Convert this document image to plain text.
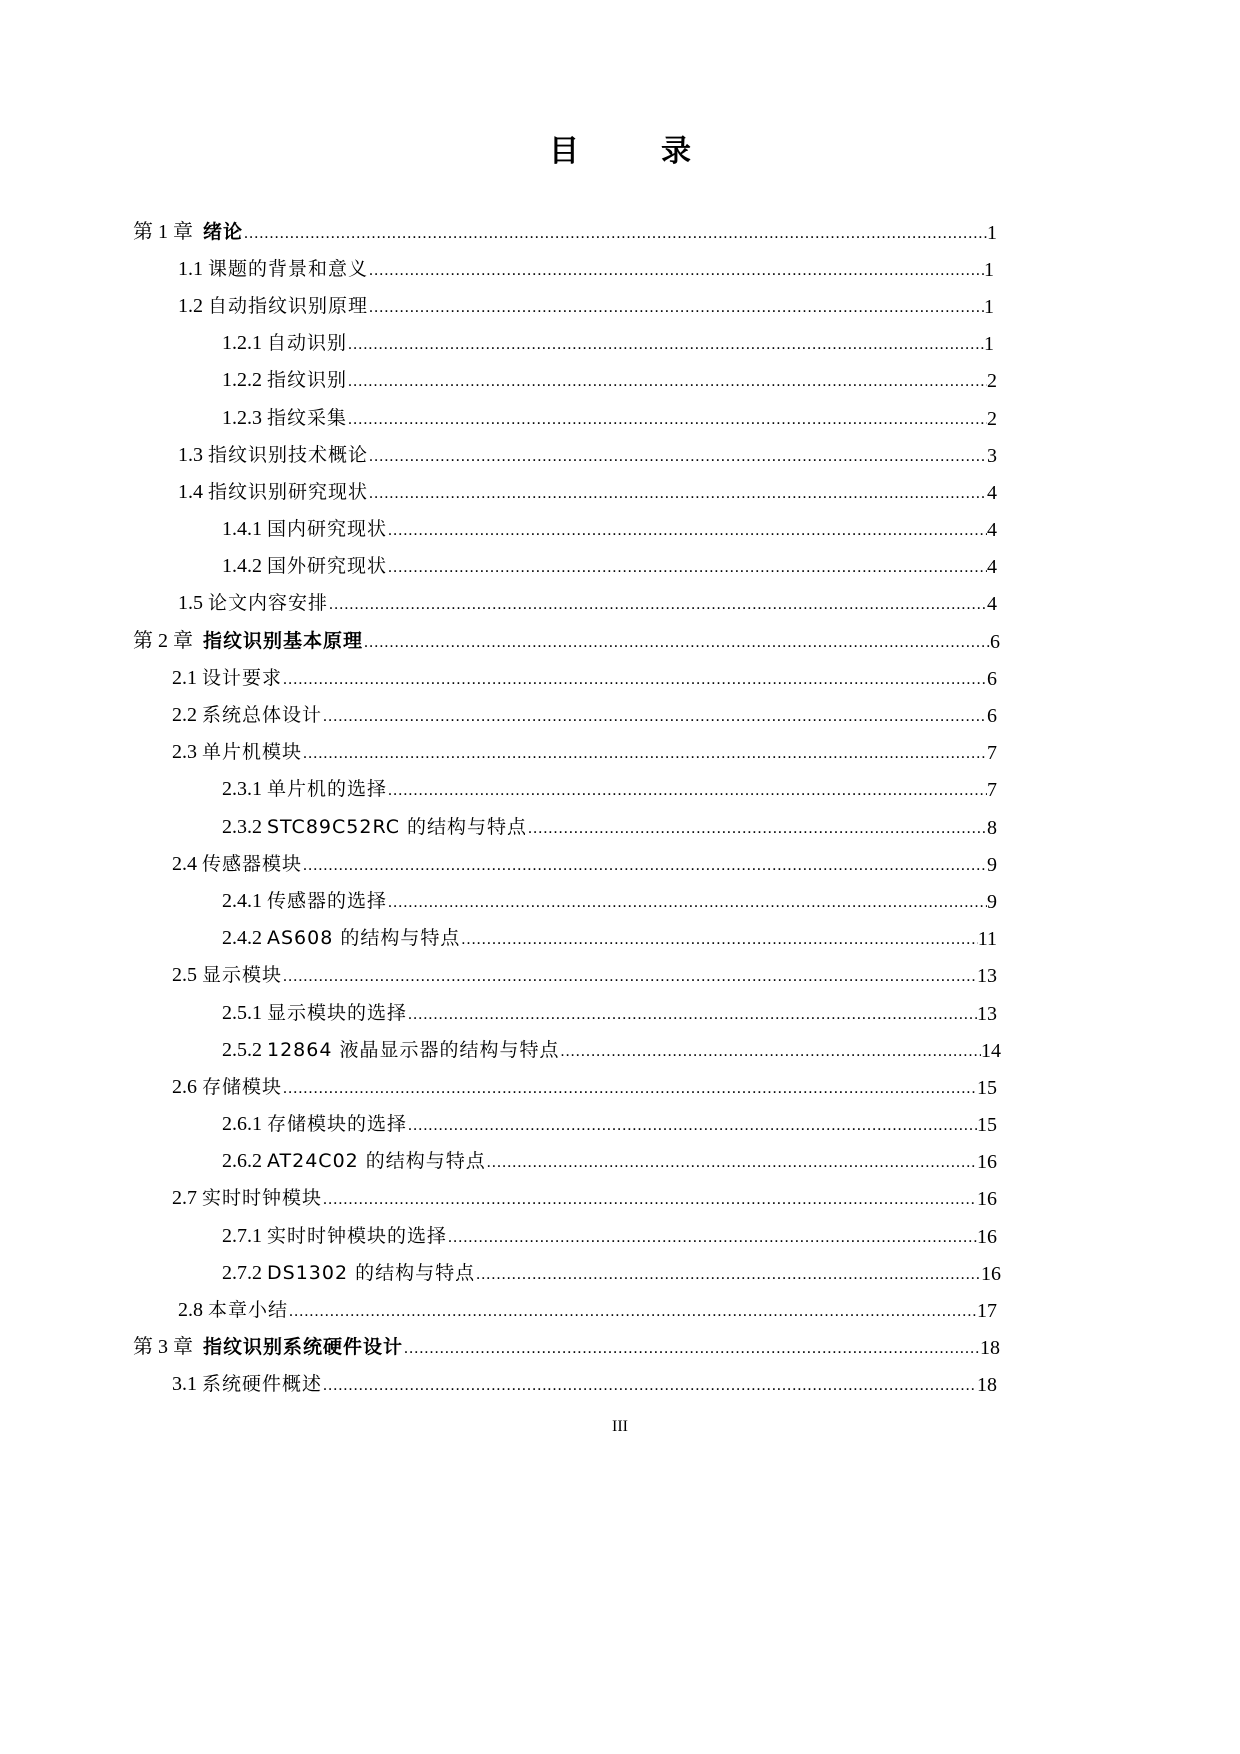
目　录
第 1 章 绪论 .....	1
1.1 课题的背景和意义 .....	1
1.2 自动指纹识别原理 .....	1
1.2.1 自动识别 .....	1
1.2.2 指纹识别 .....	2
1.2.3 指纹采集 .....	2
1.3 指纹识别技术概论 .....	3
1.4 指纹识别研究现状 .....	4
1.4.1 国内研究现状 .....	4
1.4.2 国外研究现状 .....	4
1.5 论文内容安排 .....	4
第 2 章 指纹识别基本原理 .....	6
2.1 设计要求 .....	6
2.2 系统总体设计 .....	6
2.3 单片机模块 .....	7
2.3.1 单片机的选择 .....	7
2.3.2 STC89C52RC 的结构与特点 .....	8
2.4 传感器模块 .....	9
2.4.1 传感器的选择 .....	9
2.4.2 AS608 的结构与特点 .....	11
2.5 显示模块 .....	13
2.5.1 显示模块的选择 .....	13
2.5.2 12864 液晶显示器的结构与特点 .....	14
2.6 存储模块 .....	15
2.6.1 存储模块的选择 .....	15
2.6.2 AT24C02 的结构与特点 .....	16
2.7 实时时钟模块 .....	16
2.7.1 实时时钟模块的选择 .....	16
2.7.2 DS1302 的结构与特点 .....	16
2.8 本章小结 .....	17
第 3 章 指纹识别系统硬件设计 .....	18
3.1 系统硬件概述 .....	18
III
